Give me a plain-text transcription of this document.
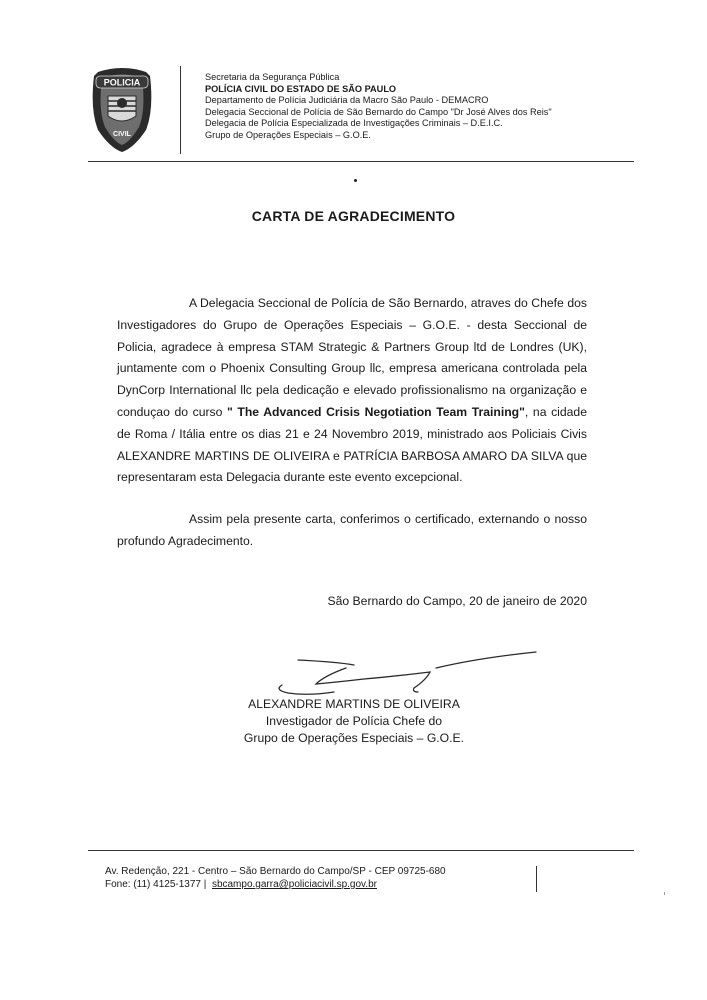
POLICIA
CIVIL
Secretaria da Segurança Pública
POLÍCIA CIVIL DO ESTADO DE SÃO PAULO
Departamento de Polícia Judiciária da Macro São Paulo - DEMACRO
Delegacia Seccional de Polícia de São Bernardo do Campo "Dr José Alves dos Reis"
Delegacia de Polícia Especializada de Investigações Criminais – D.E.I.C.
Grupo de Operações Especiais – G.O.E.
CARTA DE AGRADECIMENTO

A Delegacia Seccional de Polícia de São Bernardo, atraves do Chefe dos Investigadores do Grupo de Operações Especiais – G.O.E. - desta Seccional de Policia, agradece à empresa STAM Strategic & Partners Group ltd de Londres (UK), juntamente com o Phoenix Consulting Group llc, empresa americana controlada pela DynCorp International llc pela dedicação e elevado profissionalismo na organização e conduçao do curso " The Advanced Crisis Negotiation Team Training", na cidade de Roma / Itália entre os dias 21 e 24 Novembro 2019, ministrado aos Policiais Civis ALEXANDRE MARTINS DE OLIVEIRA e PATRÍCIA BARBOSA AMARO DA SILVA que representaram esta Delegacia durante este evento excepcional.

Assim pela presente carta, conferimos o certificado, externando o nosso profundo Agradecimento.

São Bernardo do Campo, 20 de janeiro de 2020
ALEXANDRE MARTINS DE OLIVEIRA
Investigador de Polícia Chefe do
Grupo de Operações Especiais – G.O.E.
Av. Redenção, 221 - Centro – São Bernardo do Campo/SP - CEP 09725-680
Fone: (11) 4125-1377 | sbcampo.garra@policiacivil.sp.gov.br
